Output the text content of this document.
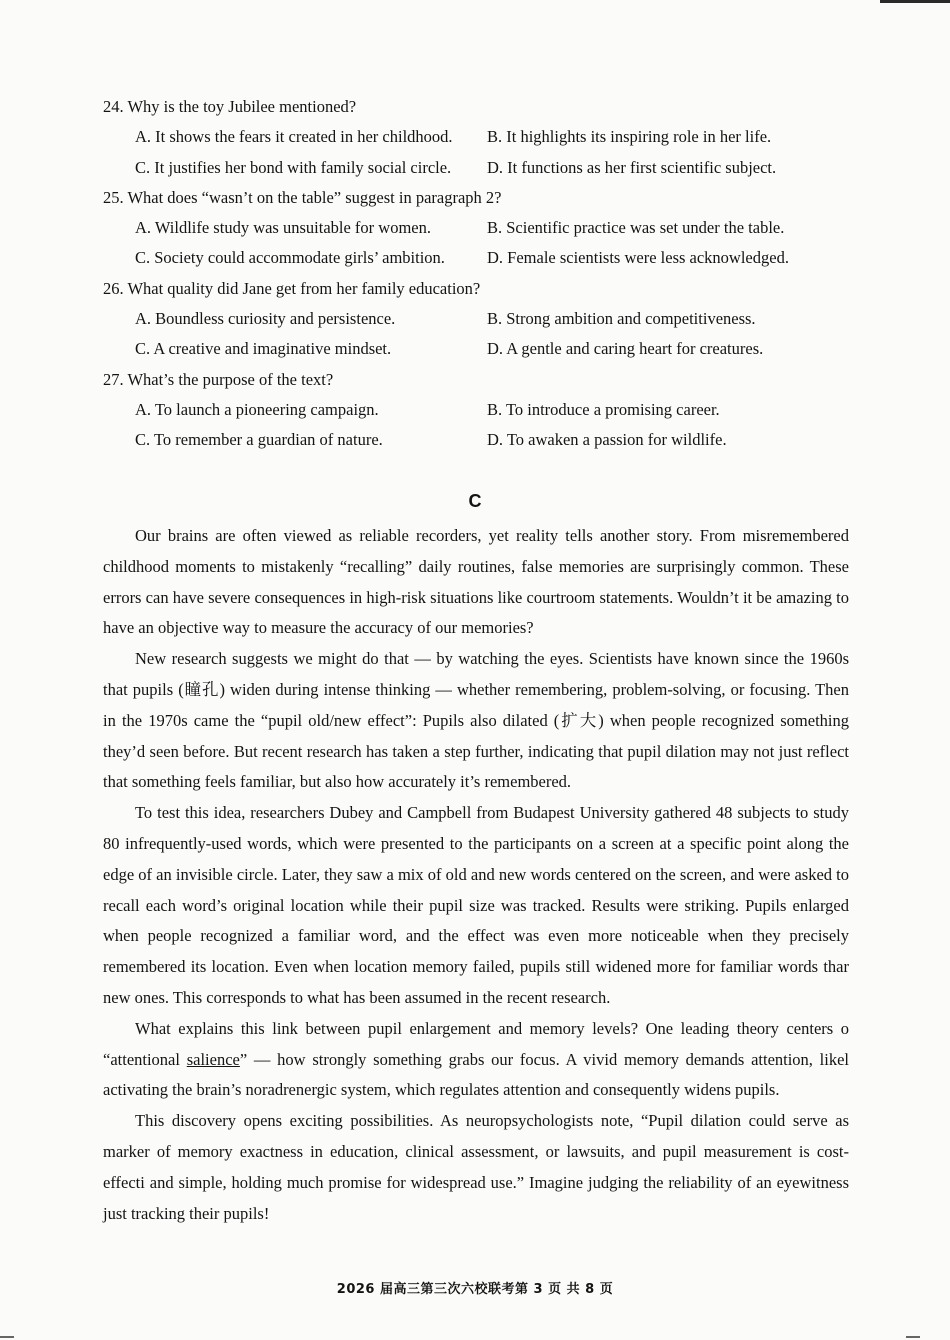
24. Why is the toy Jubilee mentioned?
A. It shows the fears it created in her childhood.	B. It highlights its inspiring role in her life.
C. It justifies her bond with family social circle.	D. It functions as her first scientific subject.
25. What does “wasn’t on the table” suggest in paragraph 2?
A. Wildlife study was unsuitable for women.	B. Scientific practice was set under the table.
C. Society could accommodate girls’ ambition.	D. Female scientists were less acknowledged.
26. What quality did Jane get from her family education?
A. Boundless curiosity and persistence.	B. Strong ambition and competitiveness.
C. A creative and imaginative mindset.	D. A gentle and caring heart for creatures.
27. What’s the purpose of the text?
A. To launch a pioneering campaign.	B. To introduce a promising career.
C. To remember a guardian of nature.	D. To awaken a passion for wildlife.
C

Our brains are often viewed as reliable recorders, yet reality tells another story. From misremembered childhood moments to mistakenly “recalling” daily routines, false memories are surprisingly common. These errors can have severe consequences in high-risk situations like courtroom statements. Wouldn’t it be amazing to have an objective way to measure the accuracy of our memories?

New research suggests we might do that — by watching the eyes. Scientists have known since the 1960s that pupils (瞳孔) widen during intense thinking — whether remembering, problem-solving, or focusing. Then in the 1970s came the “pupil old/new effect”: Pupils also dilated (扩大) when people recognized something they’d seen before. But recent research has taken a step further, indicating that pupil dilation may not just reflect that something feels familiar, but also how accurately it’s remembered.

To test this idea, researchers Dubey and Campbell from Budapest University gathered 48 subjects to study 80 infrequently-used words, which were presented to the participants on a screen at a specific point along the edge of an invisible circle. Later, they saw a mix of old and new words centered on the screen, and were asked to recall each word’s original location while their pupil size was tracked. Results were striking. Pupils enlarged when people recognized a familiar word, and the effect was even more noticeable when they precisely remembered its location. Even when location memory failed, pupils still widened more for familiar words thar new ones. This corresponds to what has been assumed in the recent research.

What explains this link between pupil enlargement and memory levels? One leading theory centers o “attentional salience” — how strongly something grabs our focus. A vivid memory demands attention, likel activating the brain’s noradrenergic system, which regulates attention and consequently widens pupils.

This discovery opens exciting possibilities. As neuropsychologists note, “Pupil dilation could serve as marker of memory exactness in education, clinical assessment, or lawsuits, and pupil measurement is cost-effecti and simple, holding much promise for widespread use.” Imagine judging the reliability of an eyewitness just tracking their pupils!

2026 届高三第三次六校联考第 3 页 共 8 页
